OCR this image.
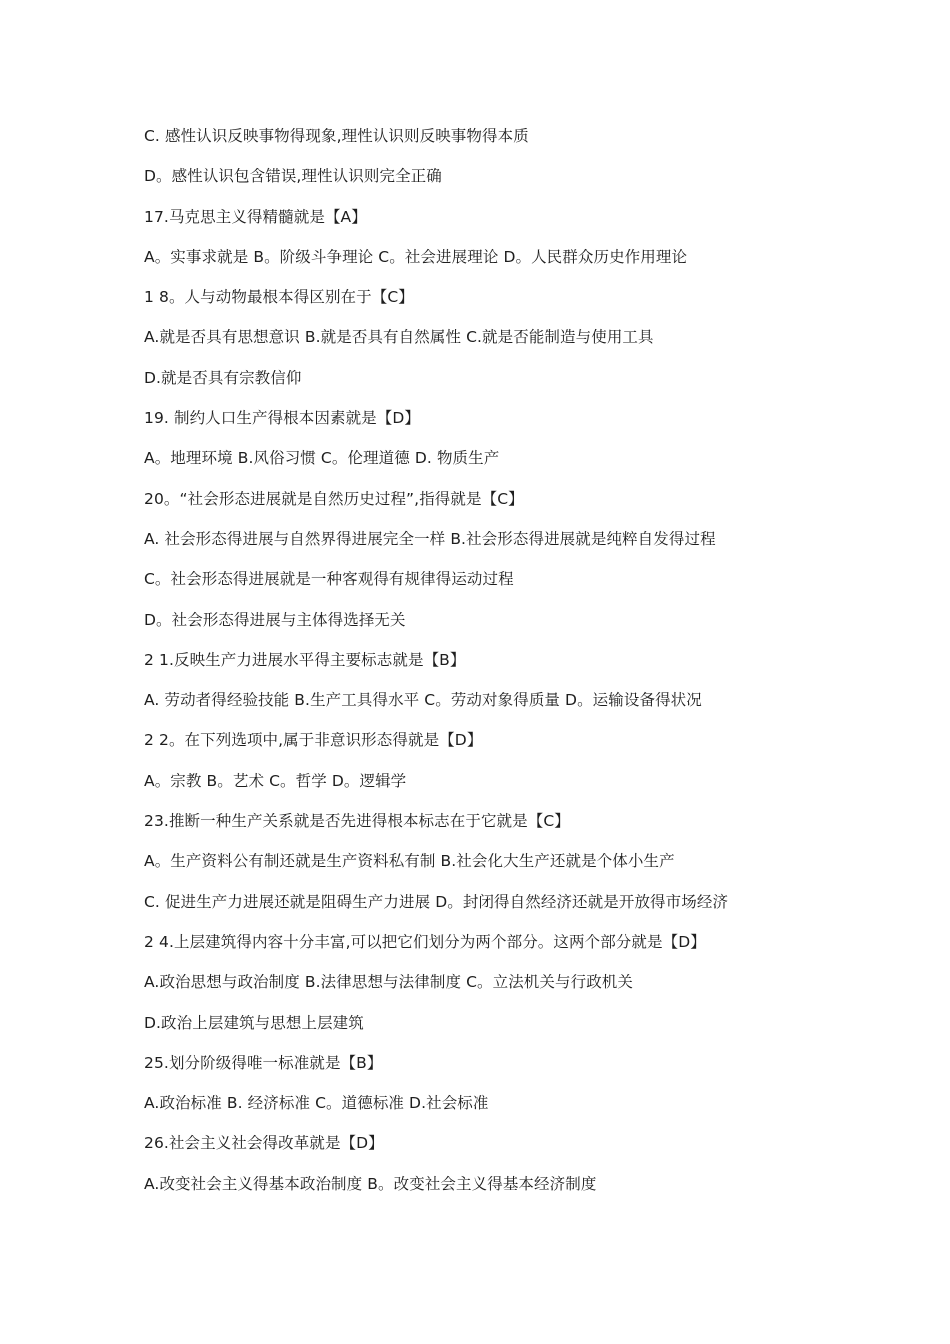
C. 感性认识反映事物得现象,理性认识则反映事物得本质
D。感性认识包含错误,理性认识则完全正确
17.马克思主义得精髓就是【A】
A。实事求就是 B。阶级斗争理论 C。社会进展理论 D。人民群众历史作用理论
1 8。人与动物最根本得区别在于【C】
A.就是否具有思想意识 B.就是否具有自然属性 C.就是否能制造与使用工具
D.就是否具有宗教信仰
19. 制约人口生产得根本因素就是【D】
A。地理环境 B.风俗习惯 C。伦理道德 D. 物质生产
20。“社会形态进展就是自然历史过程”,指得就是【C】
A. 社会形态得进展与自然界得进展完全一样 B.社会形态得进展就是纯粹自发得过程
C。社会形态得进展就是一种客观得有规律得运动过程
D。社会形态得进展与主体得选择无关
2 1.反映生产力进展水平得主要标志就是【B】
A. 劳动者得经验技能 B.生产工具得水平 C。劳动对象得质量 D。运输设备得状况
2 2。在下列选项中,属于非意识形态得就是【D】
A。宗教 B。艺术 C。哲学 D。逻辑学
23.推断一种生产关系就是否先进得根本标志在于它就是【C】
A。生产资料公有制还就是生产资料私有制 B.社会化大生产还就是个体小生产
C. 促进生产力进展还就是阻碍生产力进展 D。封闭得自然经济还就是开放得市场经济
2 4.上层建筑得内容十分丰富,可以把它们划分为两个部分。这两个部分就是【D】
A.政治思想与政治制度 B.法律思想与法律制度 C。立法机关与行政机关
D.政治上层建筑与思想上层建筑
25.划分阶级得唯一标准就是【B】
A.政治标准 B. 经济标准 C。道德标准 D.社会标准
26.社会主义社会得改革就是【D】
A.改变社会主义得基本政治制度 B。改变社会主义得基本经济制度
